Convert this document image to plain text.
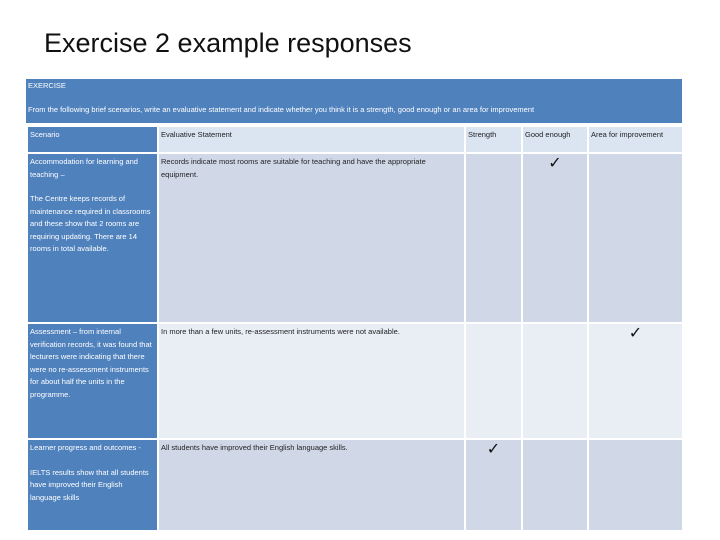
Exercise 2 example responses
EXERCISE
From the following brief scenarios, write an evaluative statement and indicate whether you think it is a strength, good enough or an area for improvement
Scenario	Evaluative Statement	Strength	Good enough	Area for improvement
Accommodation for learning and teaching –
The Centre keeps records of maintenance required in classrooms and these show that 2 rooms are requiring updating. There are 14 rooms in total available.	Records indicate most rooms are suitable for teaching and have the appropriate equipment.		✓	

Assessment – from internal verification records, it was found that lecturers were indicating that there were no re-assessment instruments for about half the units in the programme.	In more than a few units, re-assessment instruments were not available.			✓

Learner progress and outcomes -
IELTS results show that all students have improved their English language skills	All students have improved their English language skills.	✓		
